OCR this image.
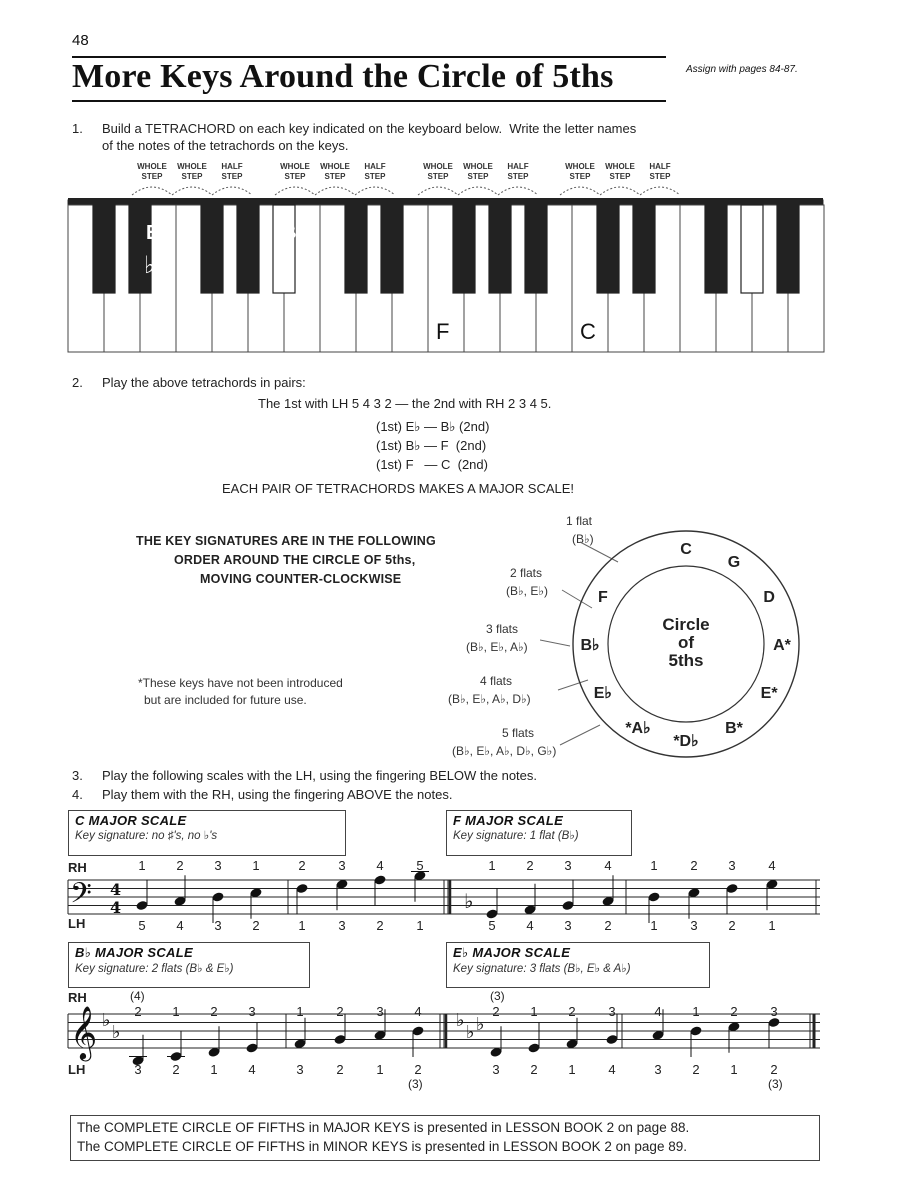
48
More Keys Around the Circle of 5ths	Assign with pages 84-87.
1. Build a TETRACHORD on each key indicated on the keyboard below.  Write the letter names
of the notes of the tetrachords on the keys.
WHOLE
STEP
WHOLE
STEP
HALF
STEP
WHOLE
STEP
WHOLE
STEP
HALF
STEP
WHOLE
STEP
WHOLE
STEP
HALF
STEP
WHOLE
STEP
WHOLE
STEP
HALF
STEP
E
♭
B
♭
F	C
2. Play the above tetrachords in pairs:
The 1st with LH 5 4 3 2 — the 2nd with RH 2 3 4 5.
(1st) E♭ — B♭ (2nd)
(1st) B♭ — F  (2nd)
(1st) F   — C  (2nd)
EACH PAIR OF TETRACHORDS MAKES A MAJOR SCALE!
THE KEY SIGNATURES ARE IN THE FOLLOWING
ORDER AROUND THE CIRCLE OF 5ths,
MOVING COUNTER-CLOCKWISE
*These keys have not been introduced
but are included for future use.
1 flat
(B♭)
2 flats
(B♭, E♭)
3 flats
(B♭, E♭, A♭)
4 flats
(B♭, E♭, A♭, D♭)
5 flats
(B♭, E♭, A♭, D♭, G♭)
Circle
of
5ths
C
G
D
A*
E*
B*
*D♭
*A♭
E♭
B♭
F
3. Play the following scales with the LH, using the fingering BELOW the notes.
4. Play them with the RH, using the fingering ABOVE the notes.
C MAJOR SCALE
Key signature: no ♯'s, no ♭'s
F MAJOR SCALE
Key signature: 1 flat (B♭)
B♭ MAJOR SCALE
Key signature: 2 flats (B♭ & E♭)
E♭ MAJOR SCALE
Key signature: 3 flats (B♭, E♭ & A♭)
RH
LH
𝄢 4
4	♭
1 2 3 1	2	3 4	5	1 2 3	4	1	2 3	4
5 4 3 2	1	3 2	1	5 4 3	2	1	3 2	1
RH
LH
(4)	(3)
(3)	(3)
𝄞 ♭
♭
♭
♭ ♭
2 1 2 3	1	2	3 4	2 1 2	3	4 1 2	3
3 2 1 4	3	2	1 2	3 2 1	4	3 2 1	2
The COMPLETE CIRCLE OF FIFTHS in MAJOR KEYS is presented in LESSON BOOK 2 on page 88.
The COMPLETE CIRCLE OF FIFTHS in MINOR KEYS is presented in LESSON BOOK 2 on page 89.
